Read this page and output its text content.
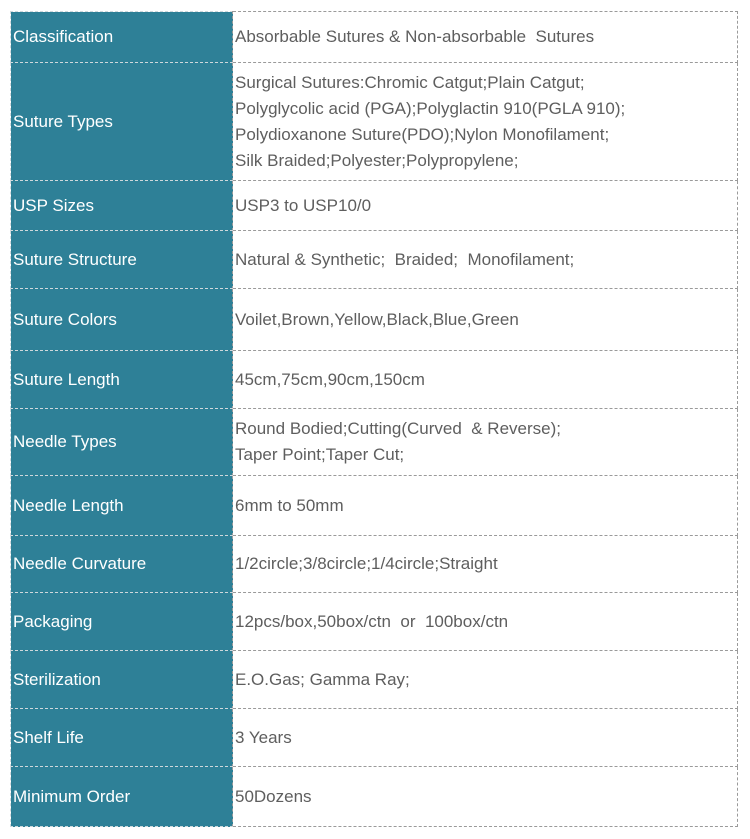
Classification	Absorbable Sutures & Non-absorbable  Sutures

Suture Types	Surgical Sutures:Chromic Catgut;Plain Catgut;
Polyglycolic acid (PGA);Polyglactin 910(PGLA 910);
Polydioxanone Suture(PDO);Nylon Monofilament;
Silk Braided;Polyester;Polypropylene;

USP Sizes	USP3 to USP10/0

Suture Structure	Natural & Synthetic;  Braided;  Monofilament;

Suture Colors	Voilet,Brown,Yellow,Black,Blue,Green

Suture Length	45cm,75cm,90cm,150cm

Needle Types	Round Bodied;Cutting(Curved  & Reverse);
Taper Point;Taper Cut;

Needle Length	6mm to 50mm

Needle Curvature	1/2circle;3/8circle;1/4circle;Straight

Packaging	12pcs/box,50box/ctn  or  100box/ctn

Sterilization	E.O.Gas; Gamma Ray;

Shelf Life	3 Years

Minimum Order	50Dozens
